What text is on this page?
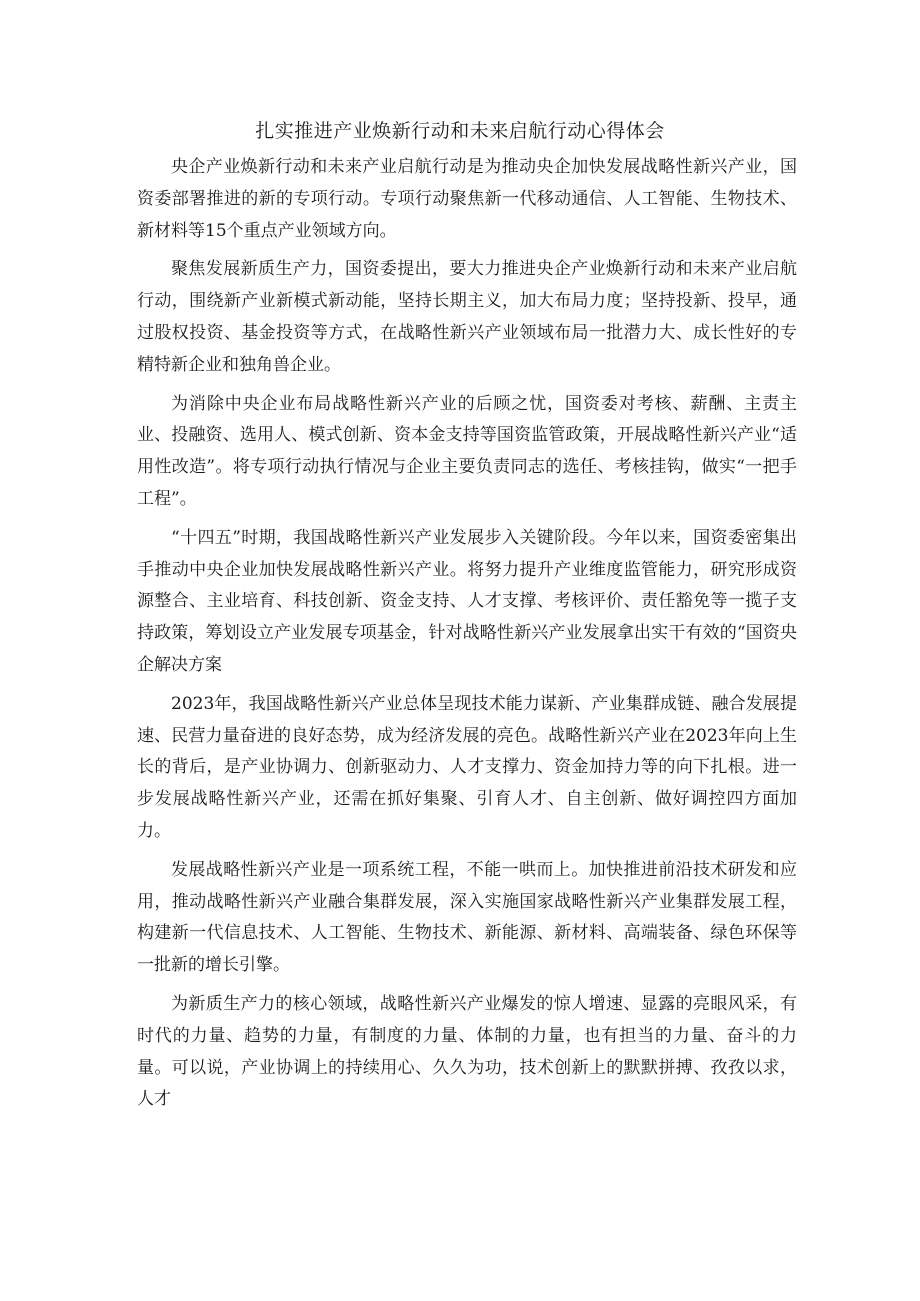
扎实推进产业焕新行动和未来启航行动心得体会

央企产业焕新行动和未来产业启航行动是为推动央企加快发展战略性新兴产业，国资委部署推进的新的专项行动。专项行动聚焦新一代移动通信、人工智能、生物技术、新材料等15个重点产业领域方向。

聚焦发展新质生产力，国资委提出，要大力推进央企产业焕新行动和未来产业启航行动，围绕新产业新模式新动能，坚持长期主义，加大布局力度；坚持投新、投早，通过股权投资、基金投资等方式，在战略性新兴产业领域布局一批潜力大、成长性好的专精特新企业和独角兽企业。

为消除中央企业布局战略性新兴产业的后顾之忧，国资委对考核、薪酬、主责主业、投融资、选用人、模式创新、资本金支持等国资监管政策，开展战略性新兴产业“适用性改造”。将专项行动执行情况与企业主要负责同志的选任、考核挂钩，做实“一把手工程”。

“十四五”时期，我国战略性新兴产业发展步入关键阶段。今年以来，国资委密集出手推动中央企业加快发展战略性新兴产业。将努力提升产业维度监管能力，研究形成资源整合、主业培育、科技创新、资金支持、人才支撑、考核评价、责任豁免等一揽子支持政策，筹划设立产业发展专项基金，针对战略性新兴产业发展拿出实干有效的“国资央企解决方案

2023年，我国战略性新兴产业总体呈现技术能力谋新、产业集群成链、融合发展提速、民营力量奋进的良好态势，成为经济发展的亮色。战略性新兴产业在2023年向上生长的背后，是产业协调力、创新驱动力、人才支撑力、资金加持力等的向下扎根。进一步发展战略性新兴产业，还需在抓好集聚、引育人才、自主创新、做好调控四方面加力。

发展战略性新兴产业是一项系统工程，不能一哄而上。加快推进前沿技术研发和应用，推动战略性新兴产业融合集群发展，深入实施国家战略性新兴产业集群发展工程，构建新一代信息技术、人工智能、生物技术、新能源、新材料、高端装备、绿色环保等一批新的增长引擎。

为新质生产力的核心领域，战略性新兴产业爆发的惊人增速、显露的亮眼风采，有时代的力量、趋势的力量，有制度的力量、体制的力量，也有担当的力量、奋斗的力量。可以说，产业协调上的持续用心、久久为功，技术创新上的默默拼搏、孜孜以求，人才
